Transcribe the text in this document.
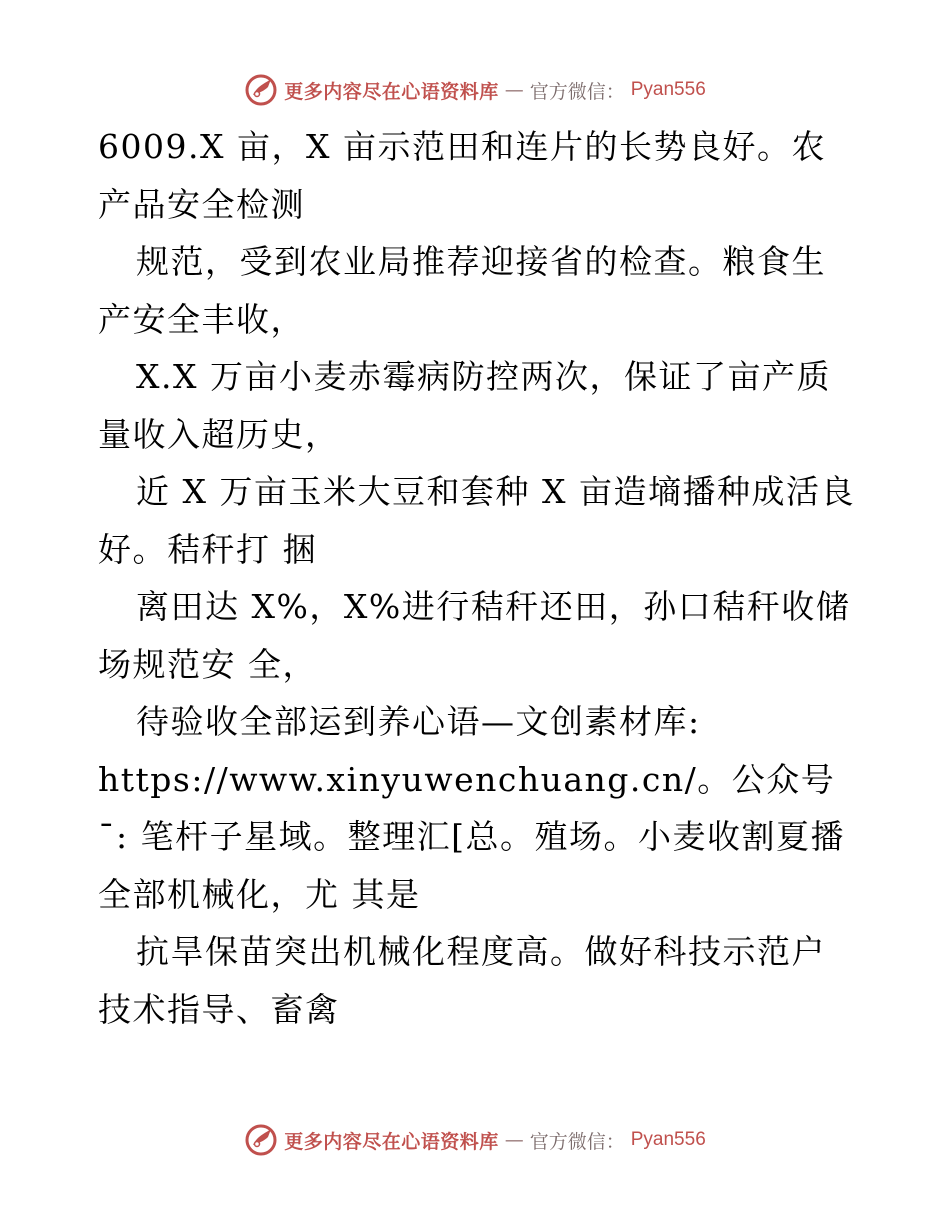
更多内容尽在心语资料库 — 官方微信： Pyan556

6009.X 亩，X 亩示范田和连片的长势良好。农产品安全检测

规范，受到农业局推荐迎接省的检查。粮食生产安全丰收，

X.X 万亩小麦赤霉病防控两次，保证了亩产质量收入超历史，

近 X 万亩玉米大豆和套种 X 亩造墒播种成活良好。秸秆打 捆

离田达 X%，X%进行秸秆还田，孙口秸秆收储场规范安 全，

待验收全部运到养心语—文创素材库:

https://www.xinyuwenchuang.cn/。公众号ˉ: 笔杆子星域。整理汇[总。殖场。小麦收割夏播全部机械化，尤 其是

抗旱保苗突出机械化程度高。做好科技示范户技术指导、畜禽

更多内容尽在心语资料库 — 官方微信： Pyan556
